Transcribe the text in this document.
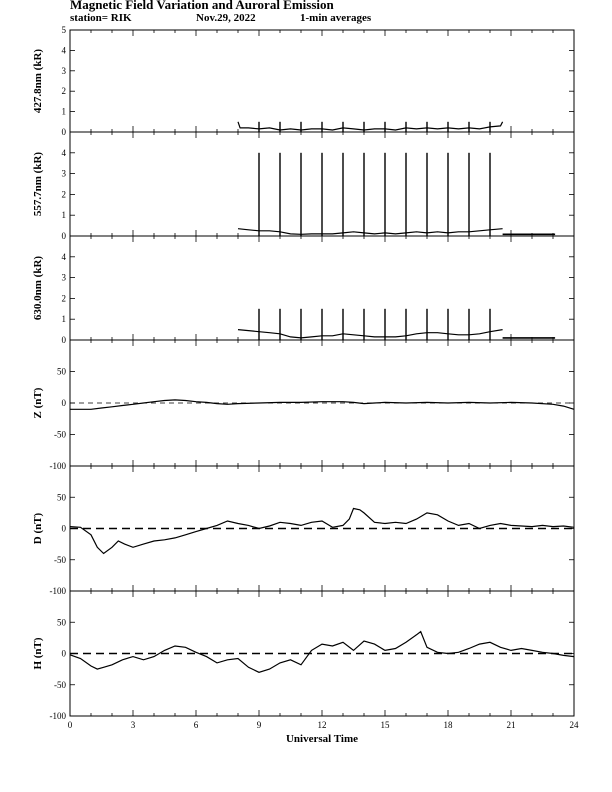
Magnetic Field Variation and Auroral Emission
station= RIK	Nov.29, 2022	1-min averages
0
1
2
3
4
5
427.8nm (kR)
0
1
2
3
4
557.7nm (kR)
0
1
2
3
4
630.0nm (kR)
-100
-50
0
50
Z (nT)
-100
-50
0
50
D (nT)
-100
-50
0
50
H (nT)
0	3	6	9	12	15	18	21	24
Universal Time
